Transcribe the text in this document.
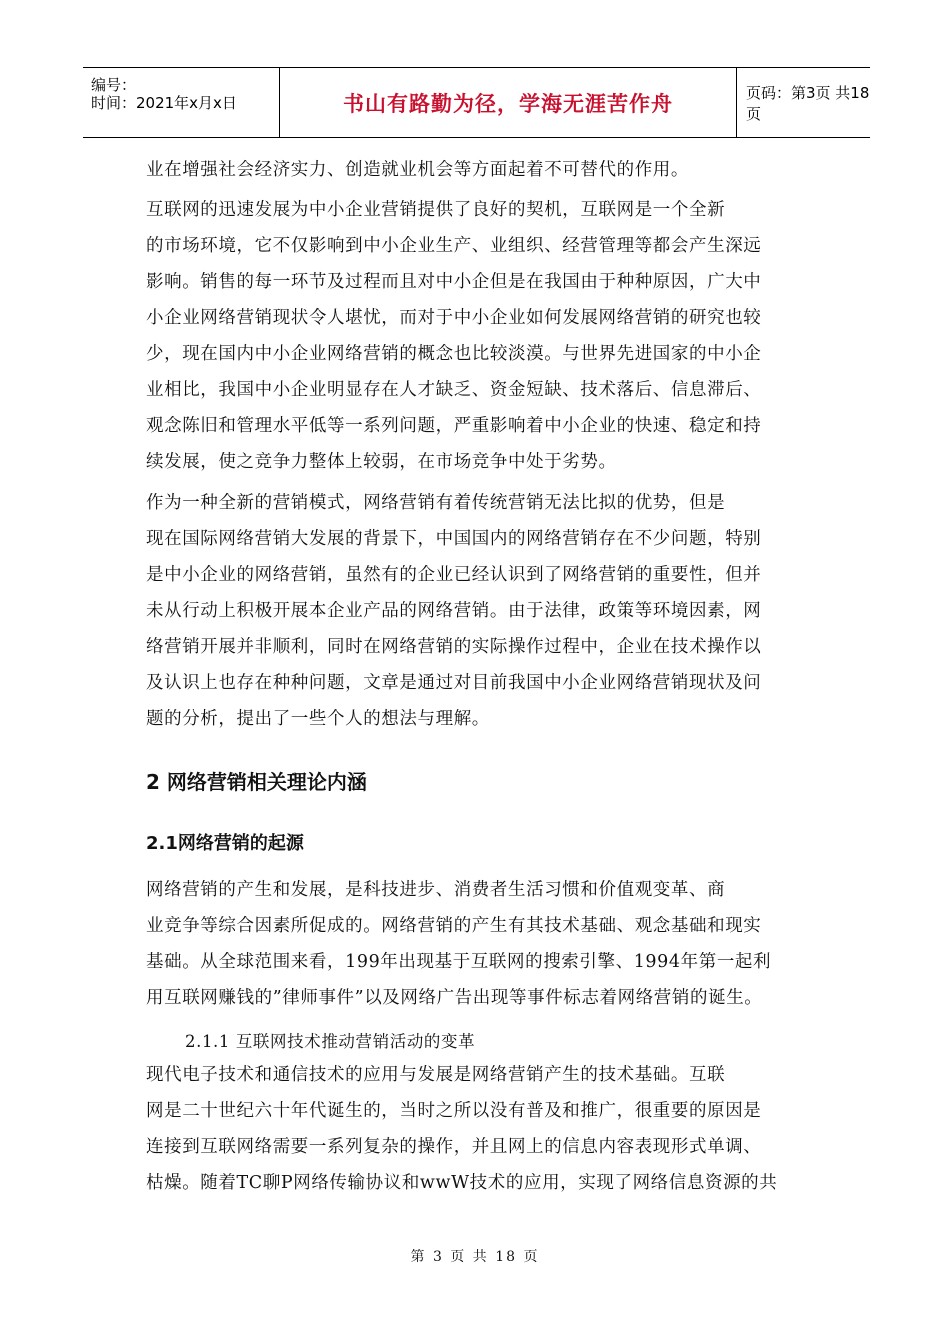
编号：
时间：2021年x月x日	书山有路勤为径，学海无涯苦作舟	页码：第3页 共18页
业在增强社会经济实力、创造就业机会等方面起着不可替代的作用。
互联网的迅速发展为中小企业营销提供了良好的契机，互联网是一个全新
的市场环境，它不仅影响到中小企业生产、业组织、经营管理等都会产生深远
影响。销售的每一环节及过程而且对中小企但是在我国由于种种原因，广大中
小企业网络营销现状令人堪忧，而对于中小企业如何发展网络营销的研究也较
少，现在国内中小企业网络营销的概念也比较淡漠。与世界先进国家的中小企
业相比，我国中小企业明显存在人才缺乏、资金短缺、技术落后、信息滞后、
观念陈旧和管理水平低等一系列问题，严重影响着中小企业的快速、稳定和持
续发展，使之竞争力整体上较弱，在市场竞争中处于劣势。
作为一种全新的营销模式，网络营销有着传统营销无法比拟的优势，但是
现在国际网络营销大发展的背景下，中国国内的网络营销存在不少问题，特别
是中小企业的网络营销，虽然有的企业已经认识到了网络营销的重要性，但并
未从行动上积极开展本企业产品的网络营销。由于法律，政策等环境因素，网
络营销开展并非顺利，同时在网络营销的实际操作过程中，企业在技术操作以
及认识上也存在种种问题，文章是通过对目前我国中小企业网络营销现状及问
题的分析，提出了一些个人的想法与理解。
2 网络营销相关理论内涵
2.1网络营销的起源
网络营销的产生和发展，是科技进步、消费者生活习惯和价值观变革、商
业竞争等综合因素所促成的。网络营销的产生有其技术基础、观念基础和现实
基础。从全球范围来看，199年出现基于互联网的搜索引擎、1994年第一起利
用互联网赚钱的”律师事件”以及网络广告出现等事件标志着网络营销的诞生。
2.1.1 互联网技术推动营销活动的变革
现代电子技术和通信技术的应用与发展是网络营销产生的技术基础。互联
网是二十世纪六十年代诞生的，当时之所以没有普及和推广，很重要的原因是
连接到互联网络需要一系列复杂的操作，并且网上的信息内容表现形式单调、
枯燥。随着TC聊P网络传输协议和wwW技术的应用，实现了网络信息资源的共
第 3 页 共 18 页
